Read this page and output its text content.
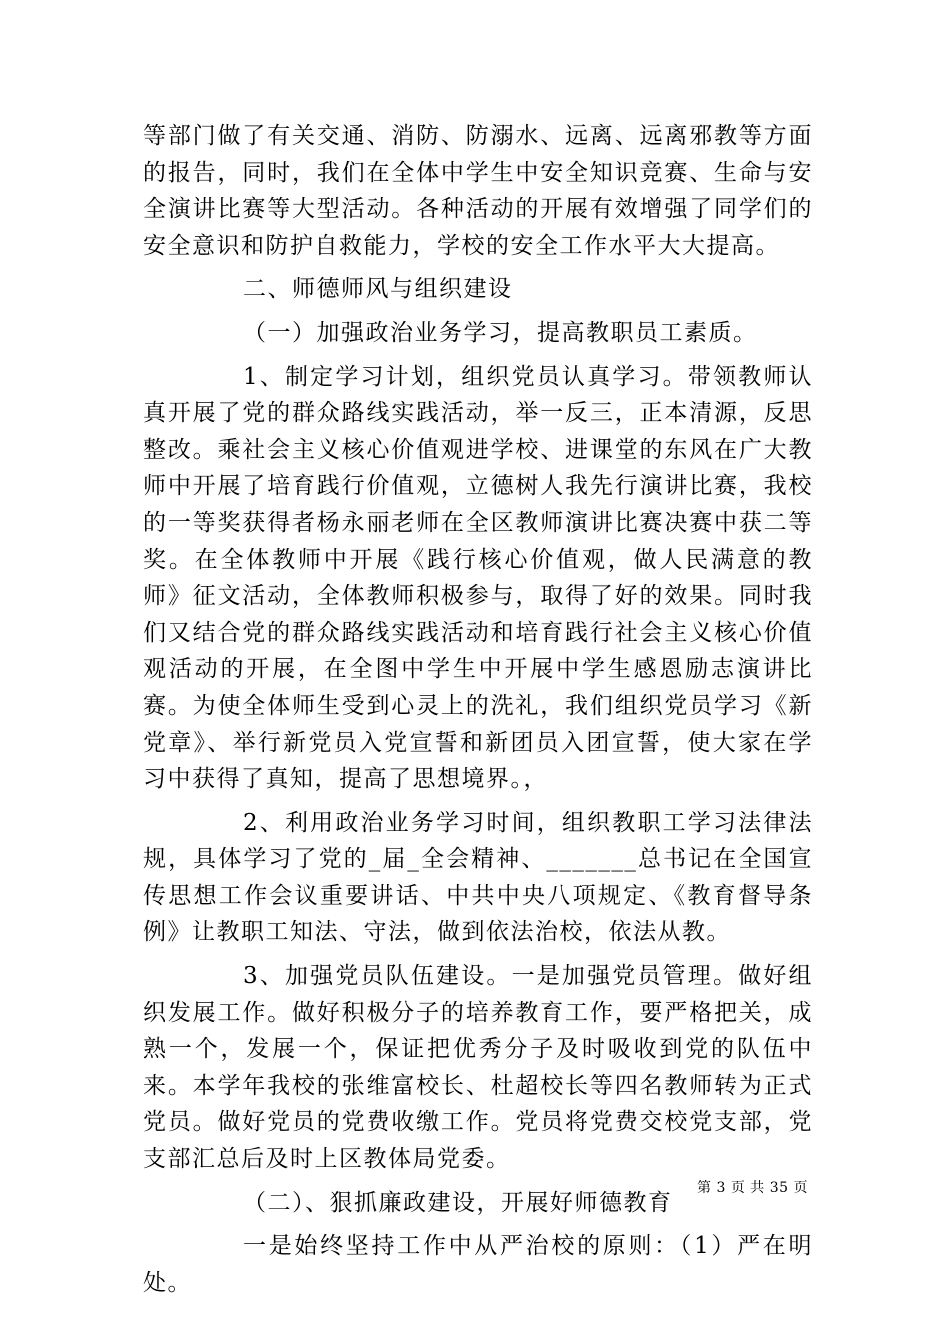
等部门做了有关交通、消防、防溺水、远离、远离邪教等方面的报告，同时，我们在全体中学生中安全知识竞赛、生命与安全演讲比赛等大型活动。各种活动的开展有效增强了同学们的安全意识和防护自救能力，学校的安全工作水平大大提高。

二、师德师风与组织建设

（一）加强政治业务学习，提高教职员工素质。

1、制定学习计划，组织党员认真学习。带领教师认真开展了党的群众路线实践活动，举一反三，正本清源，反思整改。乘社会主义核心价值观进学校、进课堂的东风在广大教师中开展了培育践行价值观，立德树人我先行演讲比赛，我校的一等奖获得者杨永丽老师在全区教师演讲比赛决赛中获二等奖。在全体教师中开展《践行核心价值观，做人民满意的教师》征文活动，全体教师积极参与，取得了好的效果。同时我们又结合党的群众路线实践活动和培育践行社会主义核心价值观活动的开展，在全图中学生中开展中学生感恩励志演讲比赛。为使全体师生受到心灵上的洗礼，我们组织党员学习《新党章》、举行新党员入党宣誓和新团员入团宣誓，使大家在学习中获得了真知，提高了思想境界。，

2、利用政治业务学习时间，组织教职工学习法律法规，具体学习了党的_届_全会精神、_______总书记在全国宣传思想工作会议重要讲话、中共中央八项规定、《教育督导条例》让教职工知法、守法，做到依法治校，依法从教。

3、加强党员队伍建设。一是加强党员管理。做好组织发展工作。做好积极分子的培养教育工作，要严格把关，成熟一个，发展一个，保证把优秀分子及时吸收到党的队伍中来。本学年我校的张维富校长、杜超校长等四名教师转为正式党员。做好党员的党费收缴工作。党员将党费交校党支部，党支部汇总后及时上区教体局党委。

（二）、狠抓廉政建设，开展好师德教育

一是始终坚持工作中从严治校的原则：（1）严在明处。

第 3 页 共 35 页
